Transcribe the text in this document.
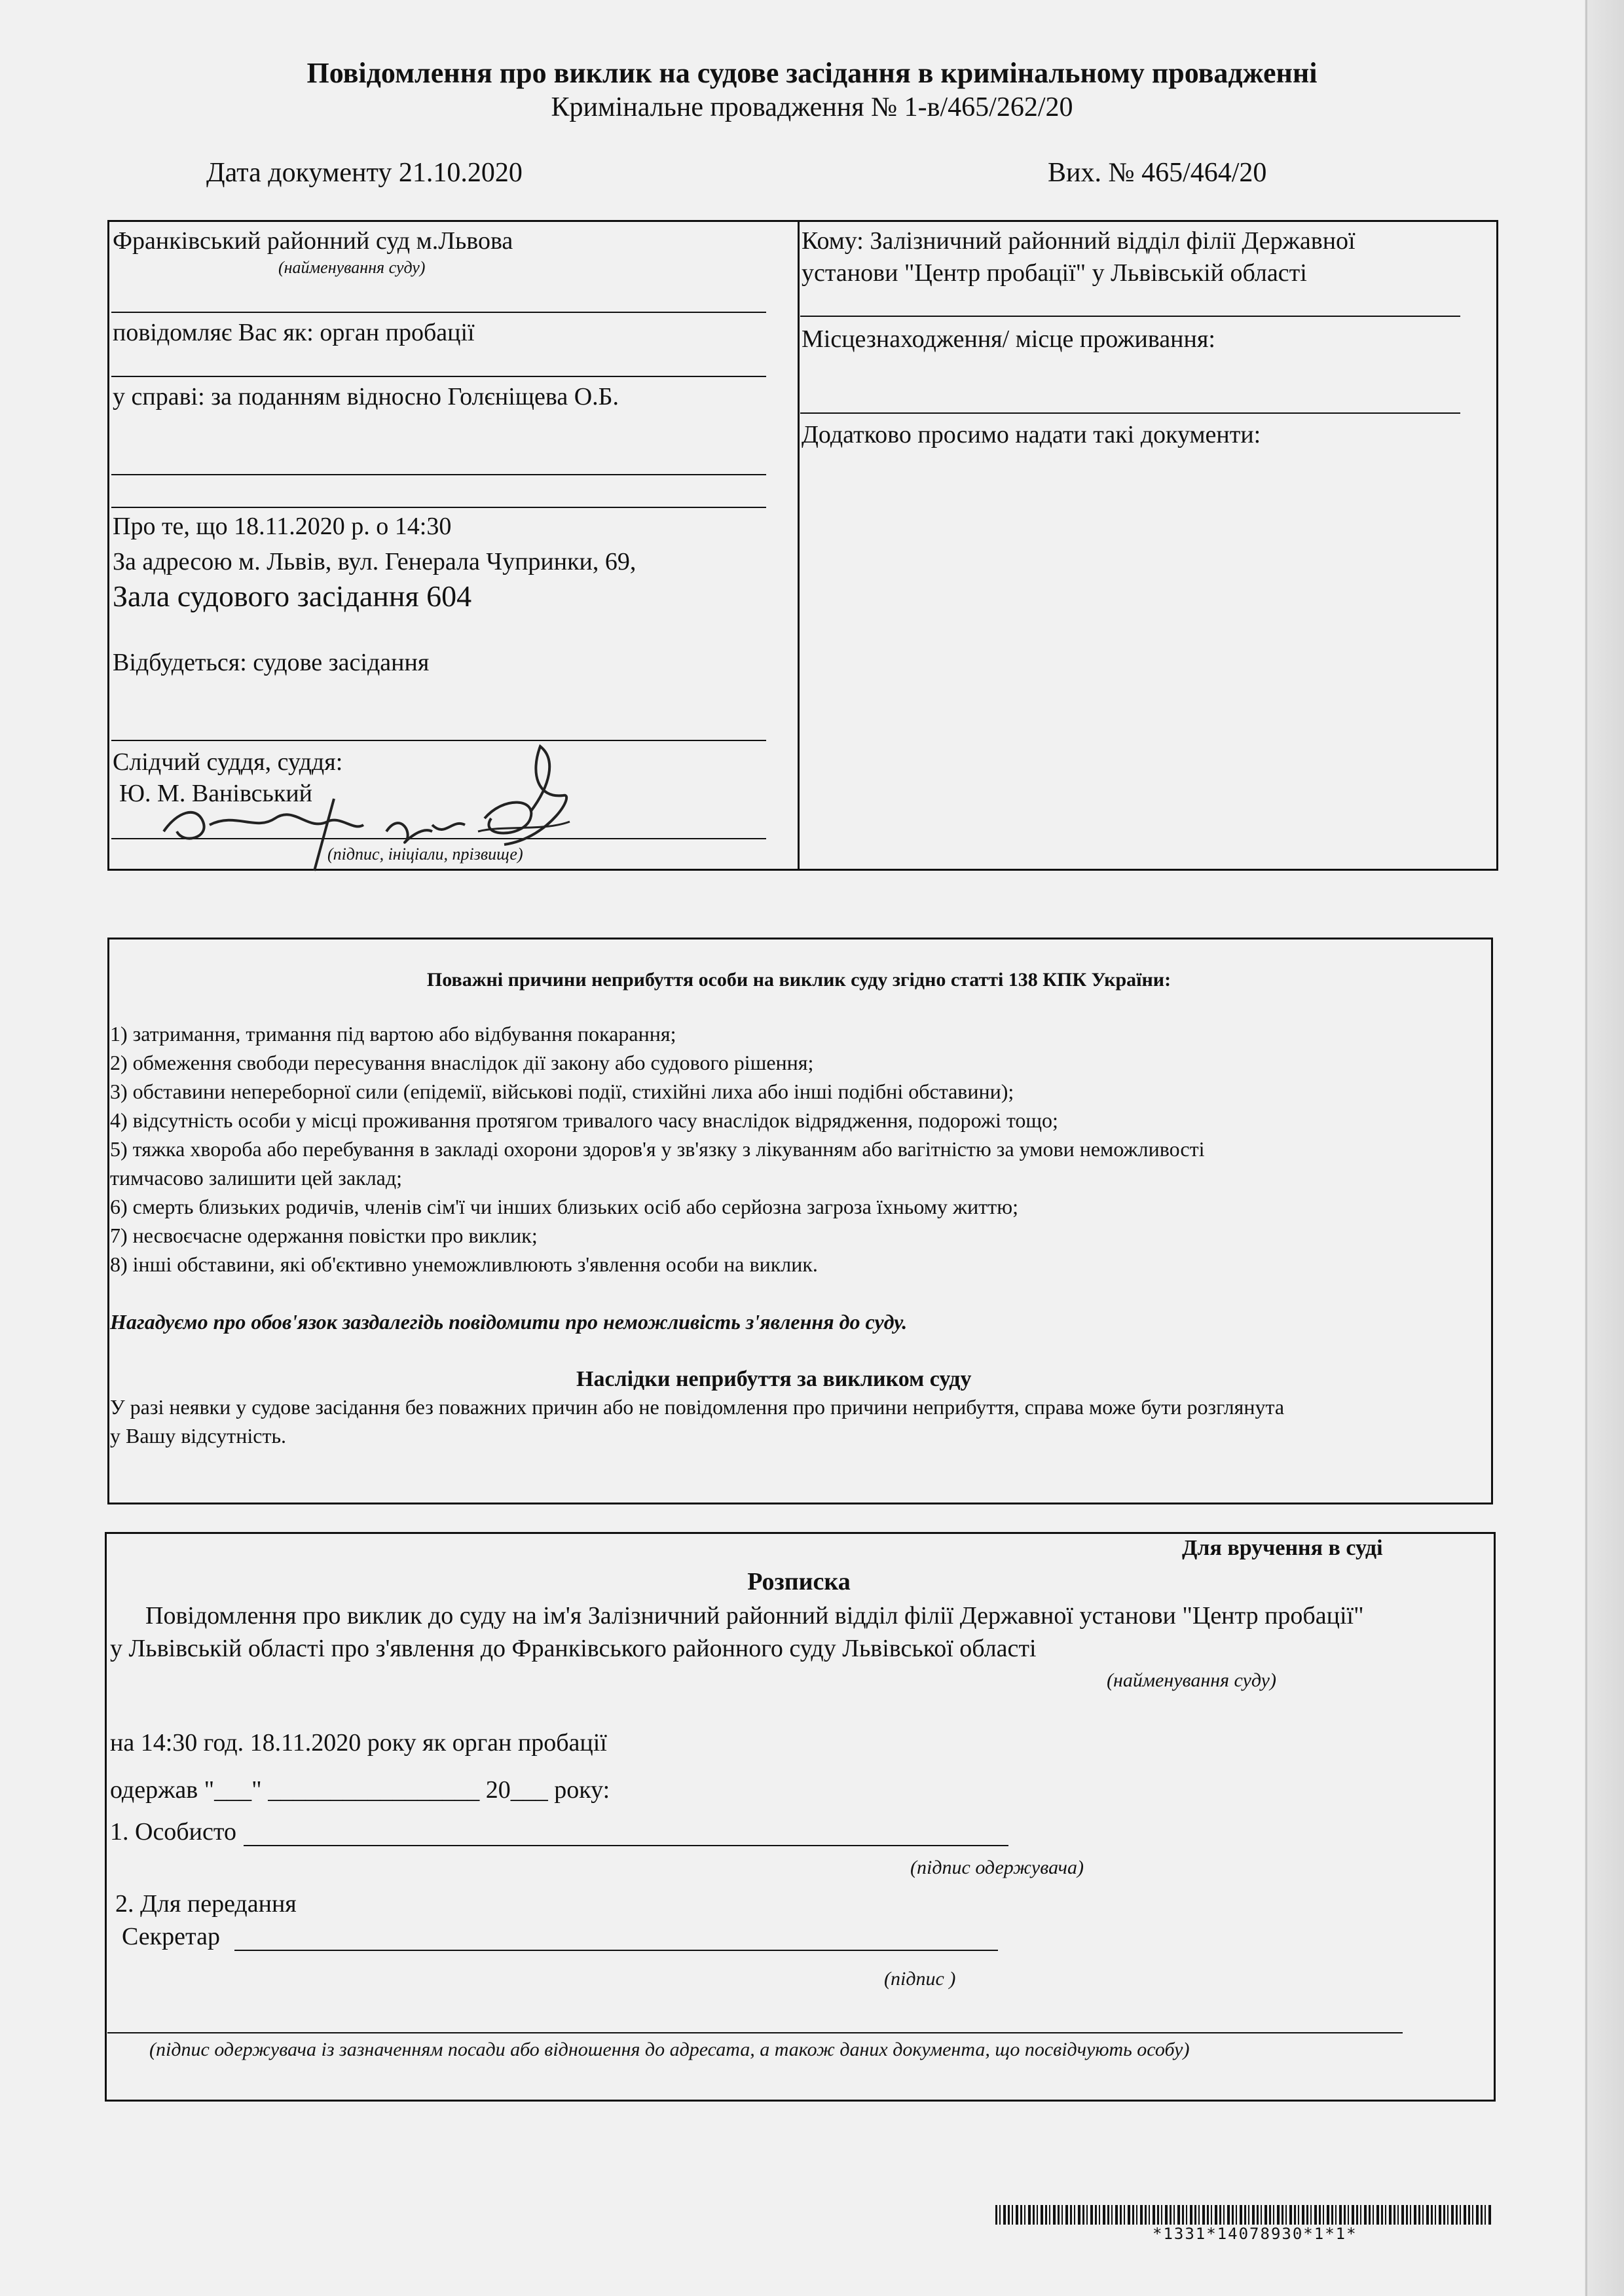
Повідомлення про виклик на судове засідання в кримінальному провадженні
Кримінальне провадження № 1-в/465/262/20
Дата документу 21.10.2020	Вих. № 465/464/20
Франківський районний суд м.Львова
(найменування суду)
повідомляє Вас як: орган пробації
у справі: за поданням відносно Голєніщева О.Б.
Про те, що 18.11.2020 р. о 14:30
За адресою м. Львів, вул. Генерала Чупринки, 69,
Зала судового засідання 604
Відбудеться: судове засідання
Слідчий суддя, суддя:
Ю. М. Ванівський
(підпис, ініціали, прізвище)
Кому: Залізничний районний відділ філії Державної установи "Центр пробації" у Львівській області
Місцезнаходження/ місце проживання:
Додатково просимо надати такі документи:
Поважні причини неприбуття особи на виклик суду згідно статті 138 КПК України:
1) затримання, тримання під вартою або відбування покарання;
2) обмеження свободи пересування внаслідок дії закону або судового рішення;
3) обставини непереборної сили (епідемії, військові події, стихійні лиха або інші подібні обставини);
4) відсутність особи у місці проживання протягом тривалого часу внаслідок відрядження, подорожі тощо;
5) тяжка хвороба або перебування в закладі охорони здоров'я у зв'язку з лікуванням або вагітністю за умови неможливості
тимчасово залишити цей заклад;
6) смерть близьких родичів, членів сім'ї чи інших близьких осіб або серйозна загроза їхньому життю;
7) несвоєчасне одержання повістки про виклик;
8) інші обставини, які об'єктивно унеможливлюють з'явлення особи на виклик.
Нагадуємо про обов'язок заздалегідь повідомити про неможливість з'явлення до суду.
Наслідки неприбуття за викликом суду
У разі неявки у судове засідання без поважних причин або не повідомлення про причини неприбуття, справа може бути розглянута
у Вашу відсутність.
Для вручення в суді
Розписка
Повідомлення про виклик до суду на ім'я Залізничний районний відділ філії Державної установи "Центр пробації"
у Львівській області про з'явлення до Франківського районного суду Львівської області
(найменування суду)
на 14:30 год. 18.11.2020 року як орган пробації
одержав "___" _________________ 20___ року:
1. Особисто
(підпис одержувача)
2. Для передання
Секретар
(підпис )
(підпис одержувача із зазначенням посади або відношення до адресата, а також даних документа, що посвідчують особу)
*1331*14078930*1*1*
